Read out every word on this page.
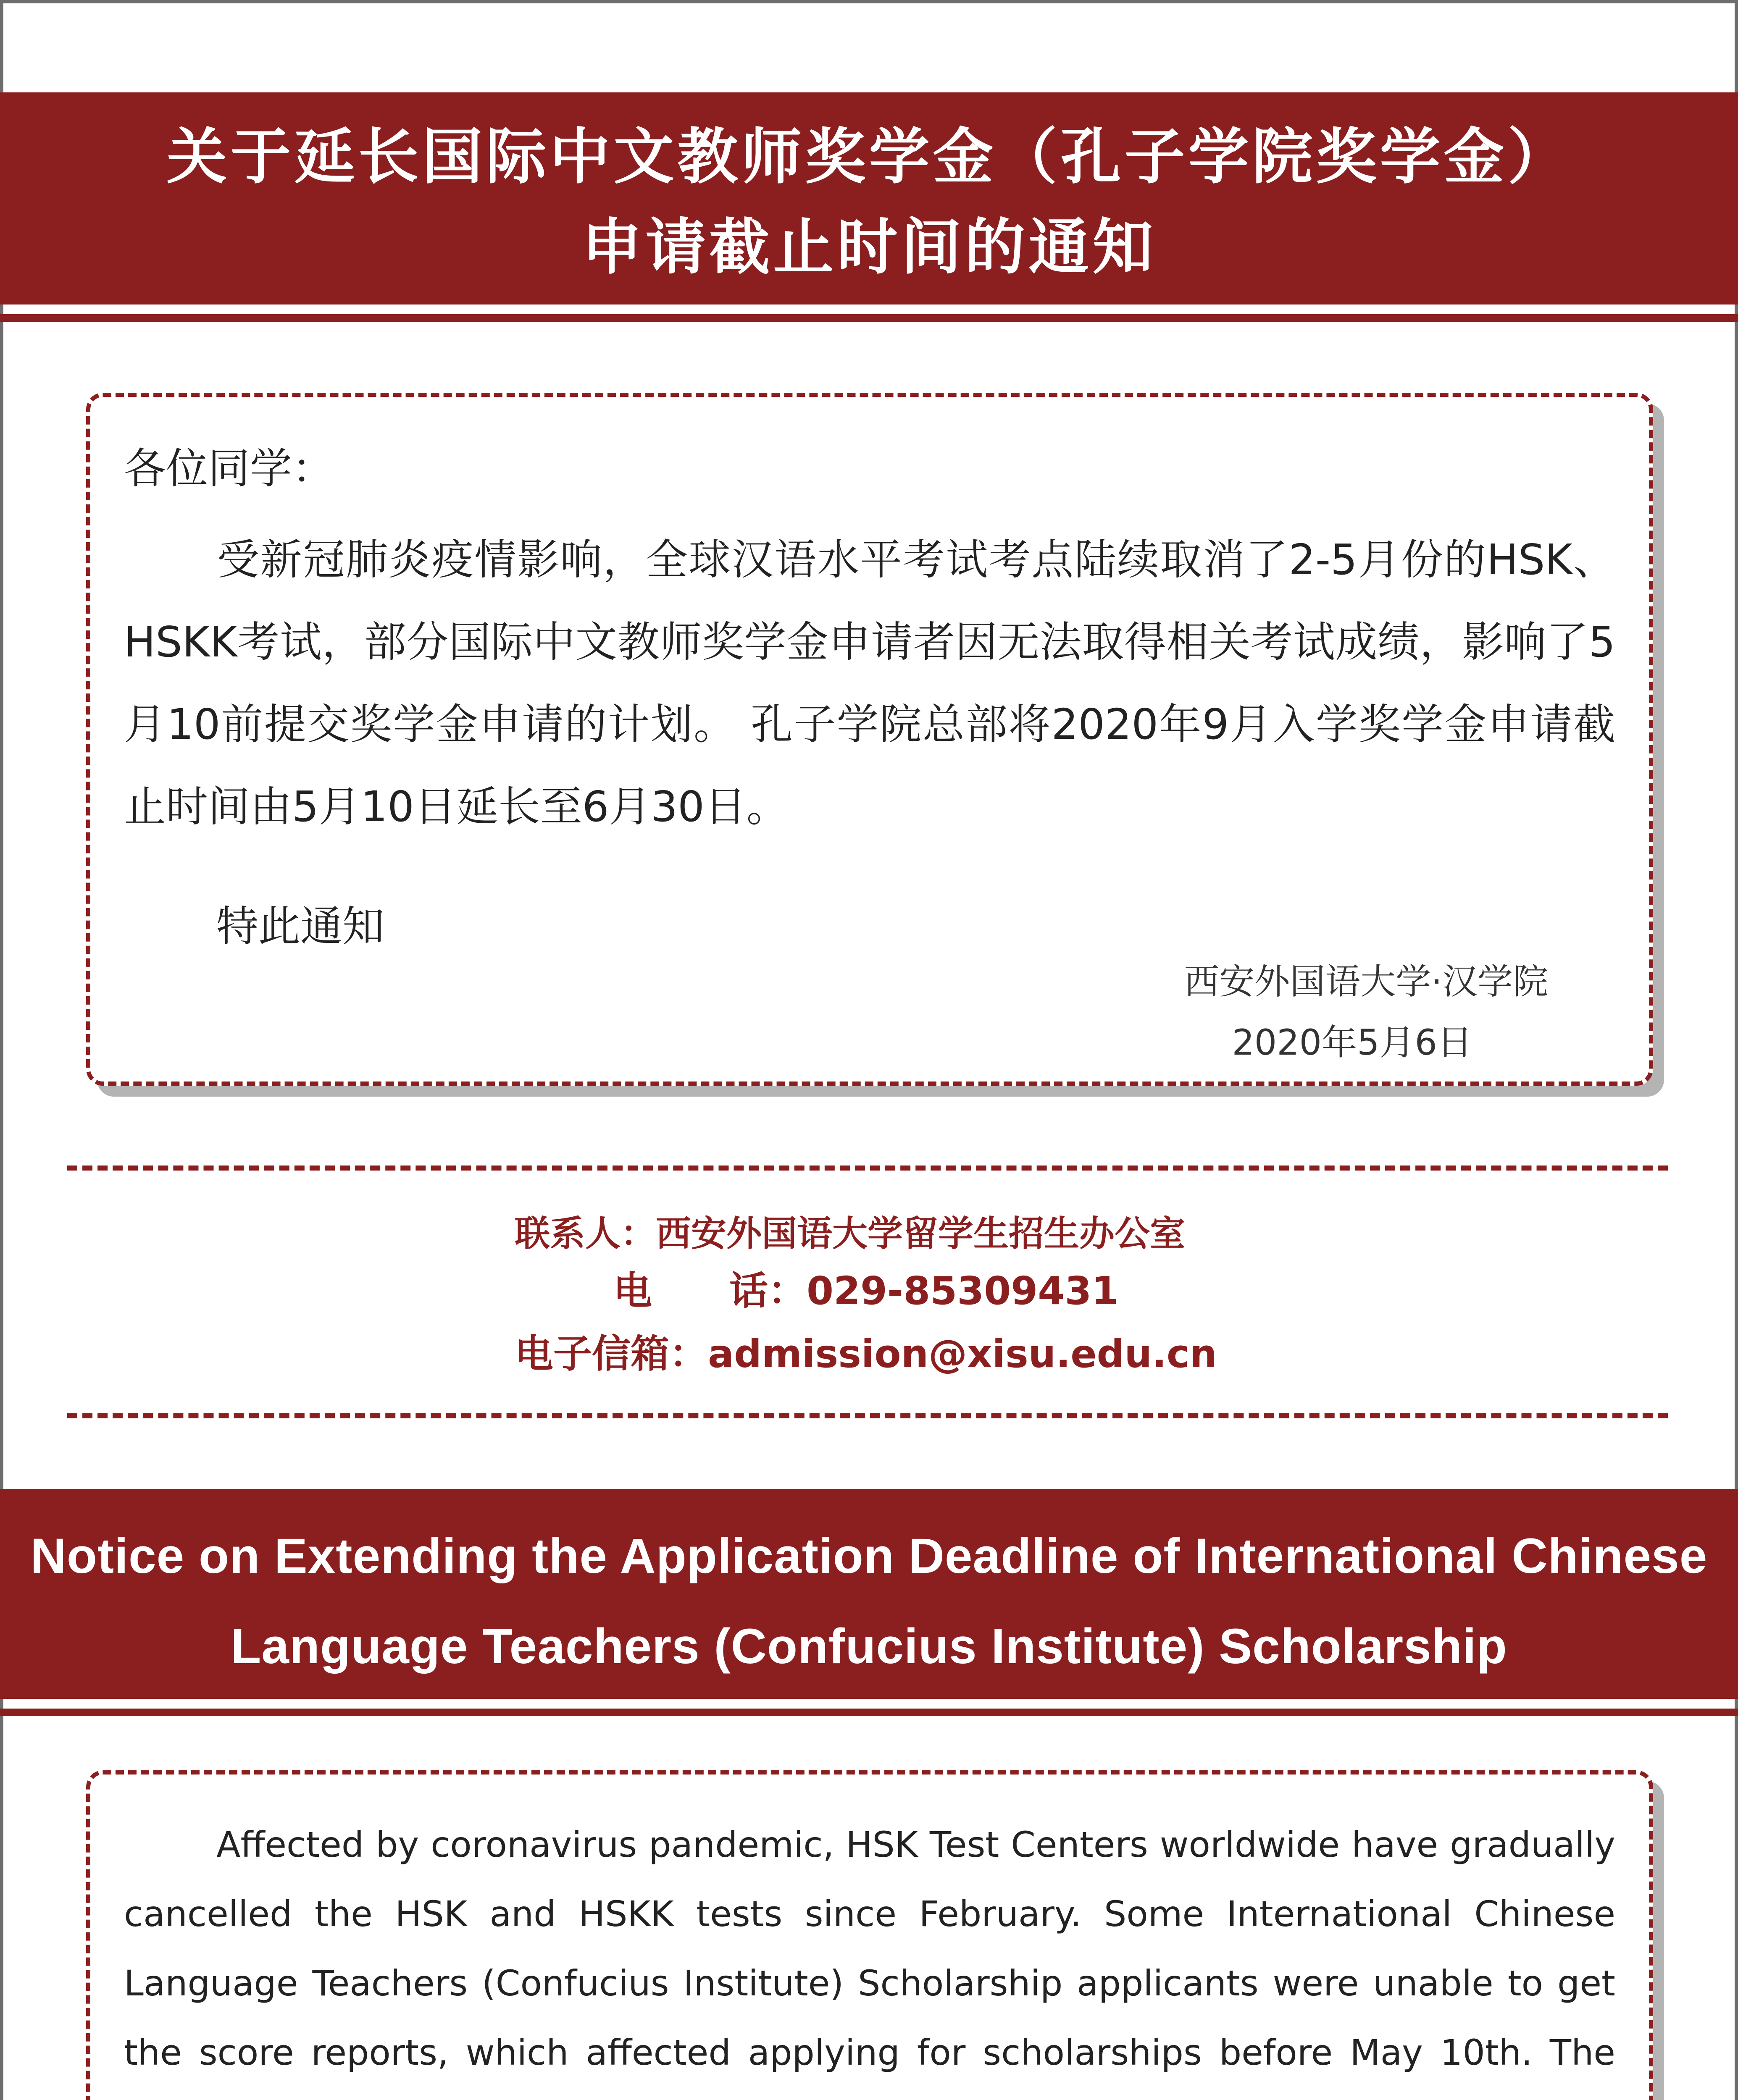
关于延长国际中文教师奖学金（孔子学院奖学金）
申请截止时间的通知
各位同学：
受新冠肺炎疫情影响，全球汉语水平考试考点陆续取消了2-5月份的HSK、HSKK考试，部分国际中文教师奖学金申请者因无法取得相关考试成绩，影响了5月10前提交奖学金申请的计划。 孔子学院总部将2020年9月入学奖学金申请截止时间由5月10日延长至6月30日。
特此通知
西安外国语大学·汉学院
2020年5月6日
联系人：西安外国语大学留学生招生办公室
电　　话：029-85309431
电子信箱：admission@xisu.edu.cn
Notice on Extending the Application Deadline of International Chinese
Language Teachers (Confucius Institute) Scholarship
Affected by coronavirus pandemic, HSK Test Centers worldwide have gradually cancelled the HSK and HSKK tests since February. Some International Chinese Language Teachers (Confucius Institute) Scholarship applicants were unable to get the score reports, which affected applying for scholarships before May 10th. The
